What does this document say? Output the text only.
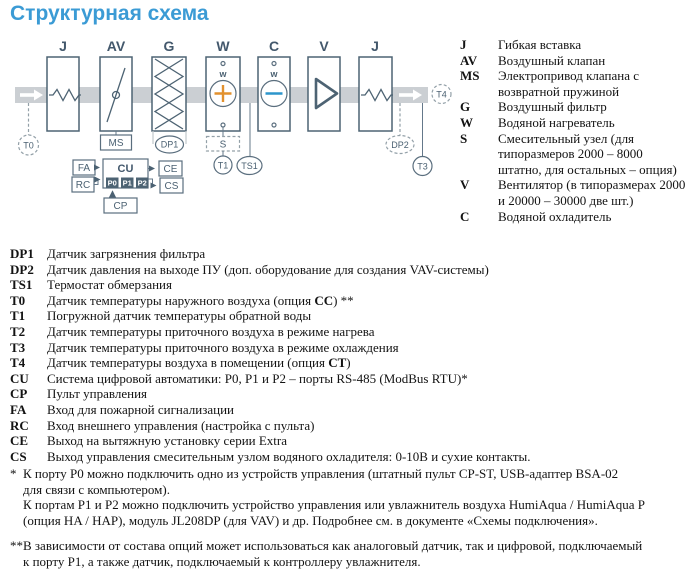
Структурная схема
J	AV	G	W	C	V	J
w	w
T0	MS	DP1	S
T1 TS1
DP2
T3
T4
FA
RC
CU
P0 P1 P2
CE
CS
CP
J	Гибкая вставка
AV	Воздушный клапан
MS	Электропривод клапана с
возвратной пружиной
G	Воздушный фильтр
W	Водяной нагреватель
S	Смесительный узел (для
типоразмеров 2000 – 8000
штатно, для остальных – опция)
V	Вентилятор (в типоразмерах 2000
и 20000 – 30000 две шт.)
C	Водяной охладитель
DP1	Датчик загрязнения фильтра
DP2	Датчик давления на выходе ПУ (доп. оборудование для создания VAV-системы)
TS1	Термостат обмерзания
T0	Датчик температуры наружного воздуха (опция CC) **
T1	Погружной датчик температуры обратной воды
T2	Датчик температуры приточного воздуха в режиме нагрева
T3	Датчик температуры приточного воздуха в режиме охлаждения
T4	Датчик температуры воздуха в помещении (опция CT)
CU	Система цифровой автоматики: P0, P1 и P2 – порты RS-485 (ModBus RTU)*
CP	Пульт управления
FA	Вход для пожарной сигнализации
RC	Вход внешнего управления (настройка с пульта)
CE	Выход на вытяжную установку серии Extra
CS	Выход управления смесительным узлом водяного охладителя: 0-10В и сухие контакты.
* К порту P0 можно подключить одно из устройств управления (штатный пульт CP-ST, USB-адаптер BSA-02
для связи с компьютером).
К портам P1 и P2 можно подключить устройство управления или увлажнитель воздуха HumiAqua / HumiAqua P
(опция HA / HAP), модуль JL208DP (для VAV) и др. Подробнее см. в документе «Схемы подключения».
** В зависимости от состава опций может использоваться как аналоговый датчик, так и цифровой, подключаемый
к порту P1, а также датчик, подключаемый к контроллеру увлажнителя.
